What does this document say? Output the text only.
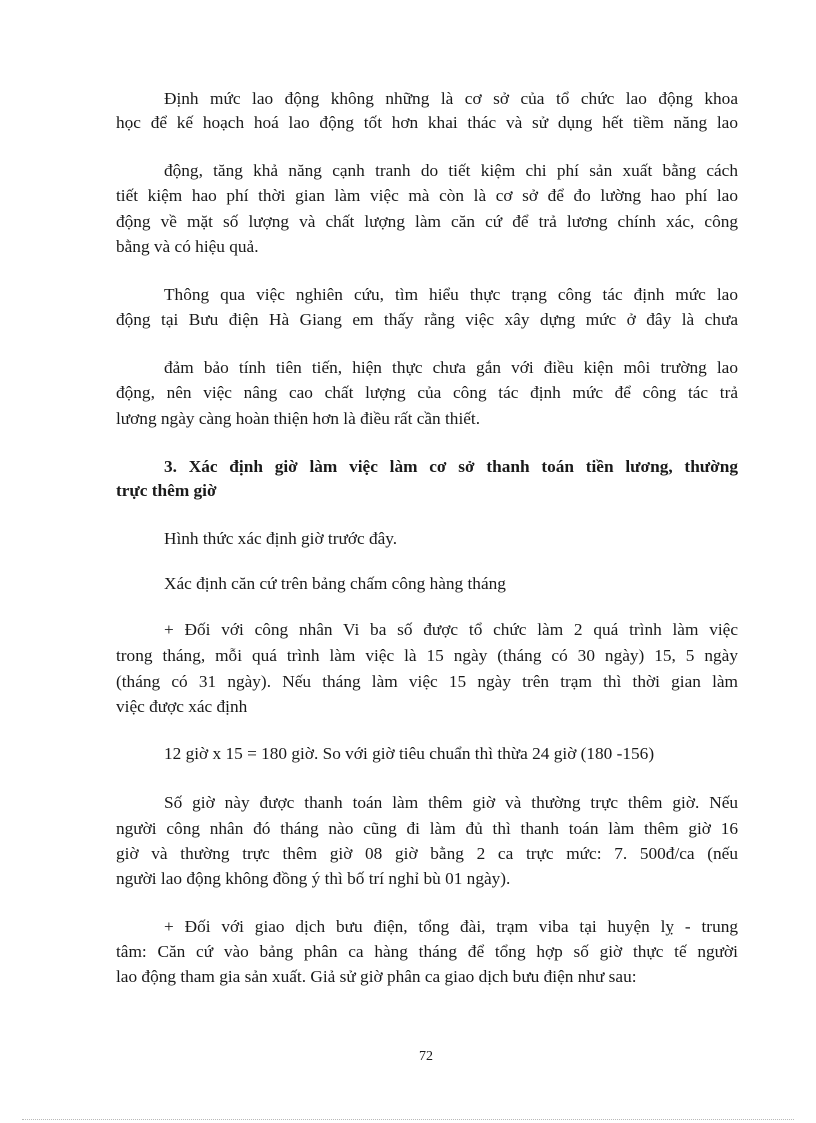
Định mức lao động không những là cơ sở của tổ chức lao động khoa
học để kế hoạch hoá lao động tốt hơn khai thác và sử dụng hết tiềm năng lao
động, tăng khả năng cạnh tranh do tiết kiệm chi phí sản xuất bằng cách
tiết kiệm hao phí thời gian làm việc mà còn là cơ sở để đo lường hao phí lao
động về mặt số lượng và chất lượng làm căn cứ để trả lương chính xác, công
bằng và có hiệu quả.
Thông qua việc nghiên cứu, tìm hiểu thực trạng công tác định mức lao
động tại Bưu điện Hà Giang em thấy rằng việc xây dựng mức ở đây là chưa
đảm bảo tính tiên tiến, hiện thực chưa gắn với điều kiện môi trường lao
động, nên việc nâng cao chất lượng của công tác định mức để công tác trả
lương ngày càng hoàn thiện hơn là điều rất cần thiết.
3. Xác định giờ làm việc làm cơ sở thanh toán tiền lương, thường
trực thêm giờ
Hình thức xác định giờ trước đây.
Xác định căn cứ trên bảng chấm công hàng tháng
+ Đối với công nhân Vi ba số được tổ chức làm 2 quá trình làm việc
trong tháng, mỗi quá trình làm việc là 15 ngày (tháng có 30 ngày) 15, 5 ngày
(tháng có 31 ngày). Nếu tháng làm việc 15 ngày trên trạm thì thời gian làm
việc được xác định
12 giờ x 15 = 180 giờ. So với giờ tiêu chuẩn thì thừa 24 giờ (180 -156)
Số giờ này được thanh toán làm thêm giờ và thường trực thêm giờ. Nếu
người công nhân đó tháng nào cũng đi làm đủ thì thanh toán làm thêm giờ 16
giờ và thường trực thêm giờ 08 giờ bằng 2 ca trực mức: 7. 500đ/ca (nếu
người lao động không đồng ý thì bố trí nghỉ bù 01 ngày).
+ Đối với giao dịch bưu điện, tổng đài, trạm viba tại huyện lỵ - trung
tâm: Căn cứ vào bảng phân ca hàng tháng để tổng hợp số giờ thực tế người
lao động tham gia sản xuất. Giả sử giờ phân ca giao dịch bưu điện như sau:
72
